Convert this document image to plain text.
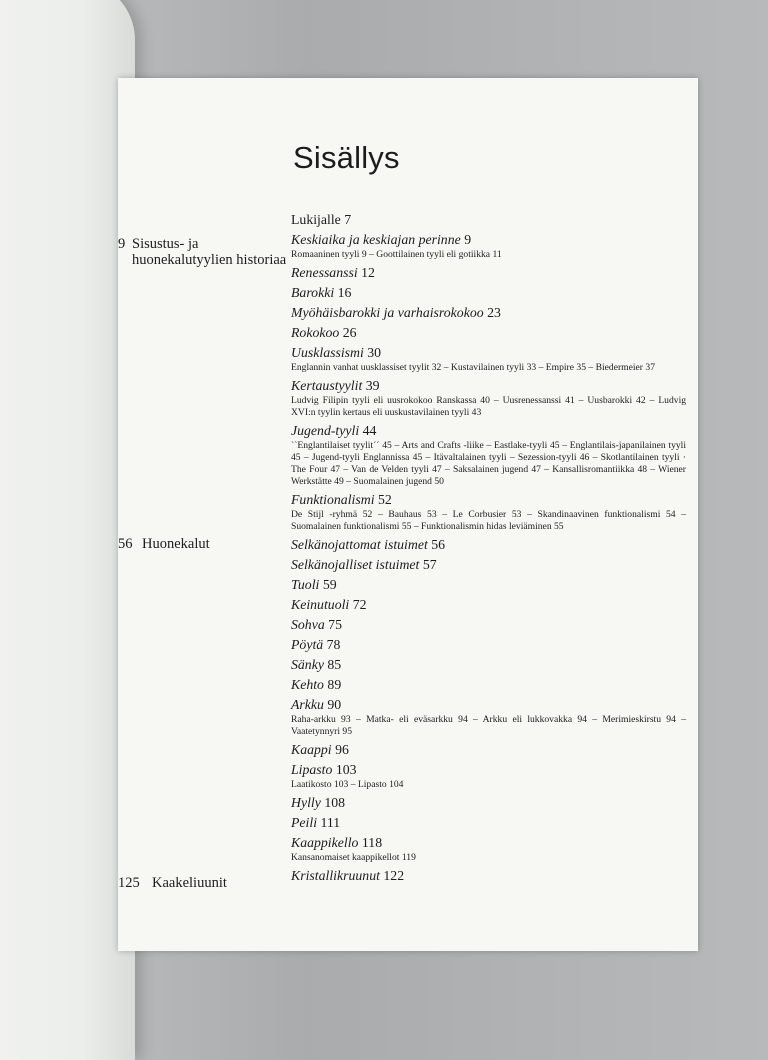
Sisällys
9 Sisustus- ja huonekalutyylien historiaa
56 Huonekalut
125 Kaakeliuunit
Lukijalle 7
Keskiaika ja keskiajan perinne 9
Romaaninen tyyli 9 – Goottilainen tyyli eli gotiikka 11
Renessanssi 12
Barokki 16
Myöhäisbarokki ja varhaisrokokoo 23
Rokokoo 26
Uusklassismi 30
Englannin vanhat uusklassiset tyylit 32 – Kustavilainen tyyli 33 – Empire 35 – Biedermeier 37
Kertaustyylit 39
Ludvig Filipin tyyli eli uusrokokoo Ranskassa 40 – Uusrenessanssi 41 – Uusbarokki 42 – Ludvig XVI:n tyylin kertaus eli uuskustavilainen tyyli 43
Jugend-tyyli 44
``Englantilaiset tyylit´´ 45 – Arts and Crafts -liike – Eastlake-tyyli 45 – Englantilais-japanilainen tyyli 45 – Jugend-tyyli Englannissa 45 – Itävaltalainen tyyli – Sezession-tyyli 46 – Skotlantilainen tyyli · The Four 47 – Van de Velden tyyli 47 – Saksalainen jugend 47 – Kansallisromantiikka 48 – Wiener Werkstätte 49 – Suomalainen jugend 50
Funktionalismi 52
De Stijl -ryhmä 52 – Bauhaus 53 – Le Corbusier 53 – Skandinaavinen funktionalismi 54– Suomalainen funktionalismi 55 – Funktionalismin hidas leviäminen 55
Selkänojattomat istuimet 56
Selkänojalliset istuimet 57
Tuoli 59
Keinutuoli 72
Sohva 75
Pöytä 78
Sänky 85
Kehto 89
Arkku 90
Raha-arkku 93 – Matka- eli eväsarkku 94 – Arkku eli lukkovakka 94 – Merimieskirstu 94– Vaatetynnyri 95
Kaappi 96
Lipasto 103
Laatikosto 103 – Lipasto 104
Hylly 108
Peili 111
Kaappikello 118
Kansanomaiset kaappikellot 119
Kristallikruunut 122
